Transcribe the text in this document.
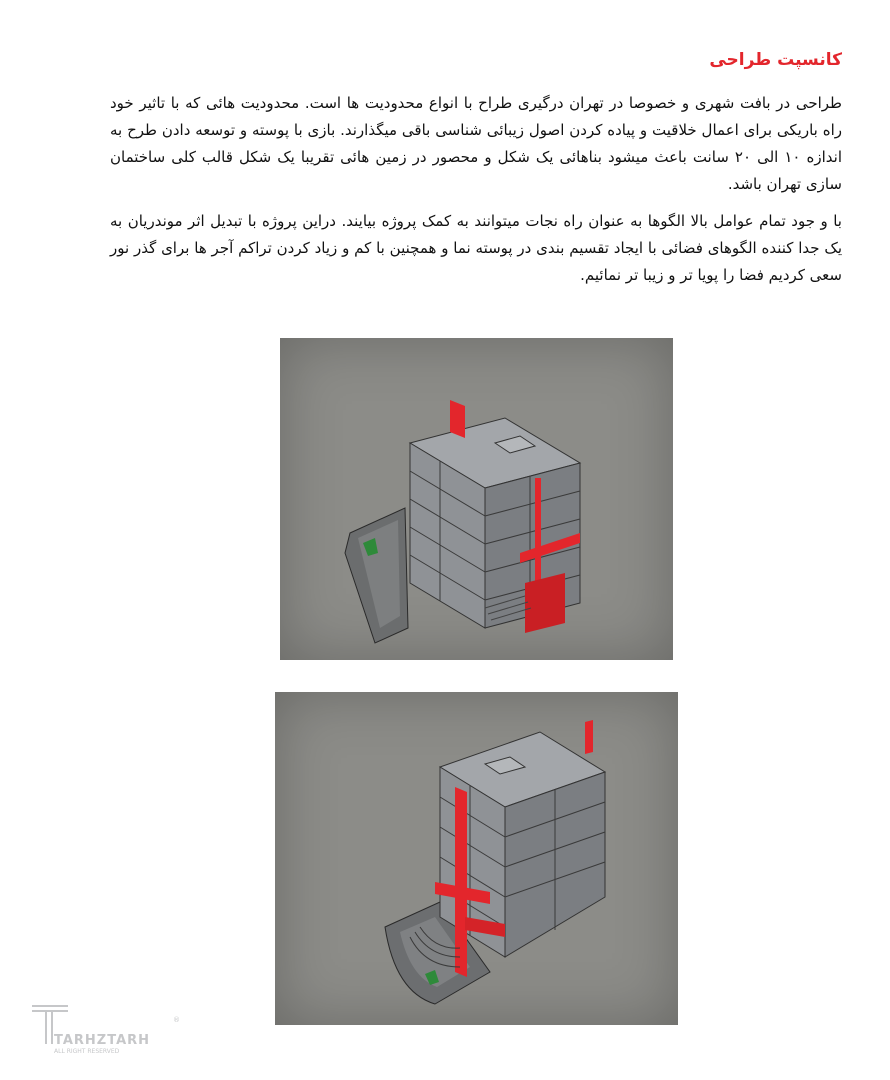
کانسپت طراحی
طراحی در بافت شهری و خصوصا در تهران درگیری طراح با انواع محدودیت ها است. محدودیت هائی که با تاثیر خود راه باریکی برای اعمال خلاقیت و پیاده کردن اصول زیبائی شناسی باقی میگذارند. بازی با پوسته و توسعه دادن طرح به اندازه ۱۰ الی ۲۰ سانت باعث میشود بناهائی یک شکل و محصور در زمین هائی تقریبا یک شکل قالب کلی ساختمان سازی تهران باشد.
با و جود تمام عوامل بالا الگوها به عنوان راه نجات میتوانند به کمک پروژه بیایند. دراین پروژه با تبدیل اثر موندریان به یک جدا کننده الگوهای فضائی با ایجاد تقسیم بندی در پوسته نما و همچنین با کم و زیاد کردن تراکم آجر ها برای گذر نور سعی کردیم فضا را پویا تر و زیبا تر نمائیم.
TARHZTARH
ALL RIGHT RESERVED
®
